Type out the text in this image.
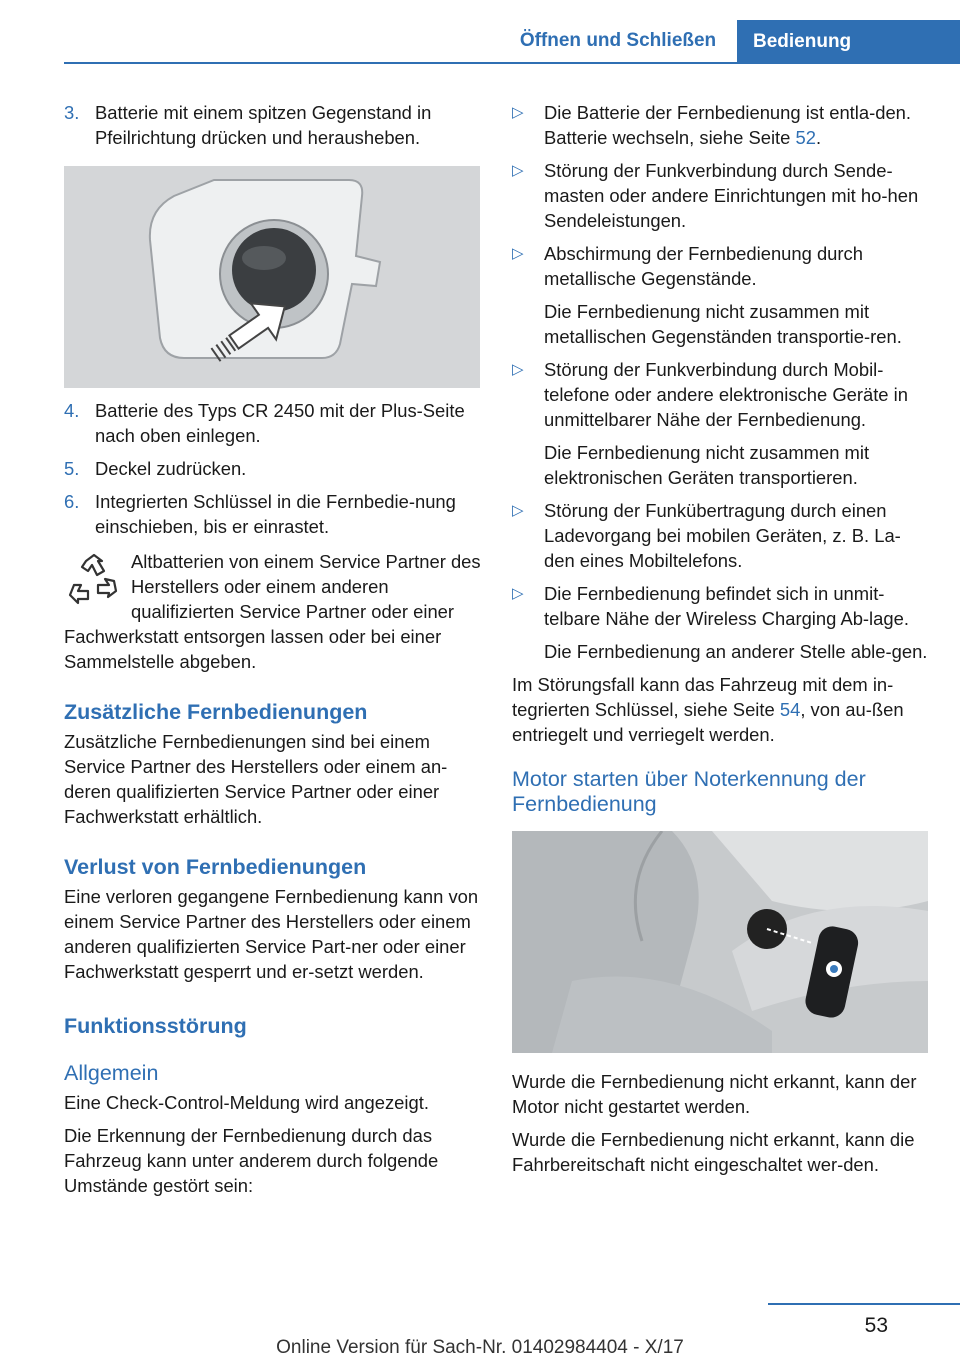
Öffnen und Schließen	Bedienung
3. Batterie mit einem spitzen Gegenstand in Pfeilrichtung drücken und herausheben.
4. Batterie des Typs CR 2450 mit der Plus-Seite nach oben einlegen.
5. Deckel zudrücken.
6. Integrierten Schlüssel in die Fernbedie-nung einschieben, bis er einrastet.
Altbatterien von einem Service Partner des Herstellers oder einem anderen qualifizierten Service Partner oder einer
Fachwerkstatt entsorgen lassen oder bei einer Sammelstelle abgeben.
Zusätzliche Fernbedienungen
Zusätzliche Fernbedienungen sind bei einem Service Partner des Herstellers oder einem an-deren qualifizierten Service Partner oder einer Fachwerkstatt erhältlich.
Verlust von Fernbedienungen
Eine verloren gegangene Fernbedienung kann von einem Service Partner des Herstellers oder einem anderen qualifizierten Service Part-ner oder einer Fachwerkstatt gesperrt und er-setzt werden.
Funktionsstörung
Allgemein
Eine Check-Control-Meldung wird angezeigt.
Die Erkennung der Fernbedienung durch das Fahrzeug kann unter anderem durch folgende Umstände gestört sein:
▷	Die Batterie der Fernbedienung ist entla-den. Batterie wechseln, siehe Seite 52.
▷	Störung der Funkverbindung durch Sende-masten oder andere Einrichtungen mit ho-hen Sendeleistungen.
▷	Abschirmung der Fernbedienung durch metallische Gegenstände.
Die Fernbedienung nicht zusammen mit metallischen Gegenständen transportie-ren.
▷	Störung der Funkverbindung durch Mobil-telefone oder andere elektronische Geräte in unmittelbarer Nähe der Fernbedienung.
Die Fernbedienung nicht zusammen mit elektronischen Geräten transportieren.
▷	Störung der Funkübertragung durch einen Ladevorgang bei mobilen Geräten, z. B. La-den eines Mobiltelefons.
▷	Die Fernbedienung befindet sich in unmit-telbare Nähe der Wireless Charging Ab-lage.
Die Fernbedienung an anderer Stelle able-gen.
Im Störungsfall kann das Fahrzeug mit dem in-tegrierten Schlüssel, siehe Seite 54, von au-ßen entriegelt und verriegelt werden.
Motor starten über Noterkennung der Fernbedienung
Wurde die Fernbedienung nicht erkannt, kann der Motor nicht gestartet werden.
Wurde die Fernbedienung nicht erkannt, kann die Fahrbereitschaft nicht eingeschaltet wer-den.
53
Online Version für Sach-Nr. 01402984404 - X/17
